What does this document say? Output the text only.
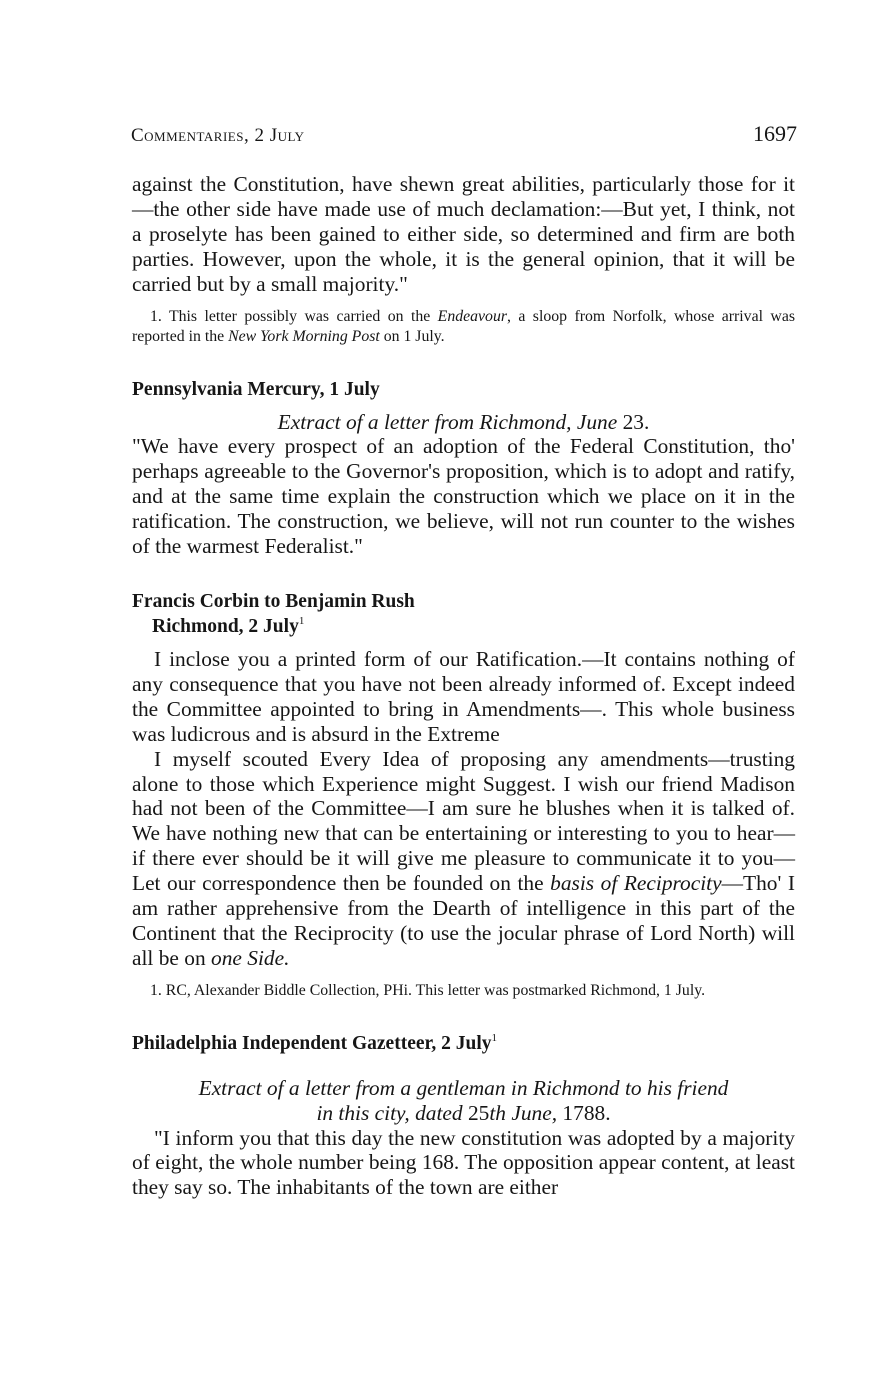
Commentaries, 2 July	1697

against the Constitution, have shewn great abilities, particularly those for it—the other side have made use of much declamation:—But yet, I think, not a proselyte has been gained to either side, so determined and firm are both parties. However, upon the whole, it is the general opinion, that it will be carried but by a small majority."

1. This letter possibly was carried on the Endeavour, a sloop from Norfolk, whose arrival was reported in the New York Morning Post on 1 July.

Pennsylvania Mercury, 1 July

Extract of a letter from Richmond, June 23.

"We have every prospect of an adoption of the Federal Constitution, tho' perhaps agreeable to the Governor's proposition, which is to adopt and ratify, and at the same time explain the construction which we place on it in the ratification. The construction, we believe, will not run counter to the wishes of the warmest Federalist."

Francis Corbin to Benjamin Rush
Richmond, 2 July$^1$

I inclose you a printed form of our Ratification.—It contains nothing of any consequence that you have not been already informed of. Except indeed the Committee appointed to bring in Amendments—. This whole business was ludicrous and is absurd in the Extreme

I myself scouted Every Idea of proposing any amendments—trusting alone to those which Experience might Suggest. I wish our friend Madison had not been of the Committee—I am sure he blushes when it is talked of. We have nothing new that can be entertaining or interesting to you to hear—if there ever should be it will give me pleasure to communicate it to you—Let our correspondence then be founded on the basis of Reciprocity—Tho' I am rather apprehensive from the Dearth of intelligence in this part of the Continent that the Reciprocity (to use the jocular phrase of Lord North) will all be on one Side.

1. RC, Alexander Biddle Collection, PHi. This letter was postmarked Richmond, 1 July.

Philadelphia Independent Gazetteer, 2 July$^1$

Extract of a letter from a gentleman in Richmond to his friend

in this city, dated 25th June, 1788.

"I inform you that this day the new constitution was adopted by a majority of eight, the whole number being 168. The opposition appear content, at least they say so. The inhabitants of the town are either
